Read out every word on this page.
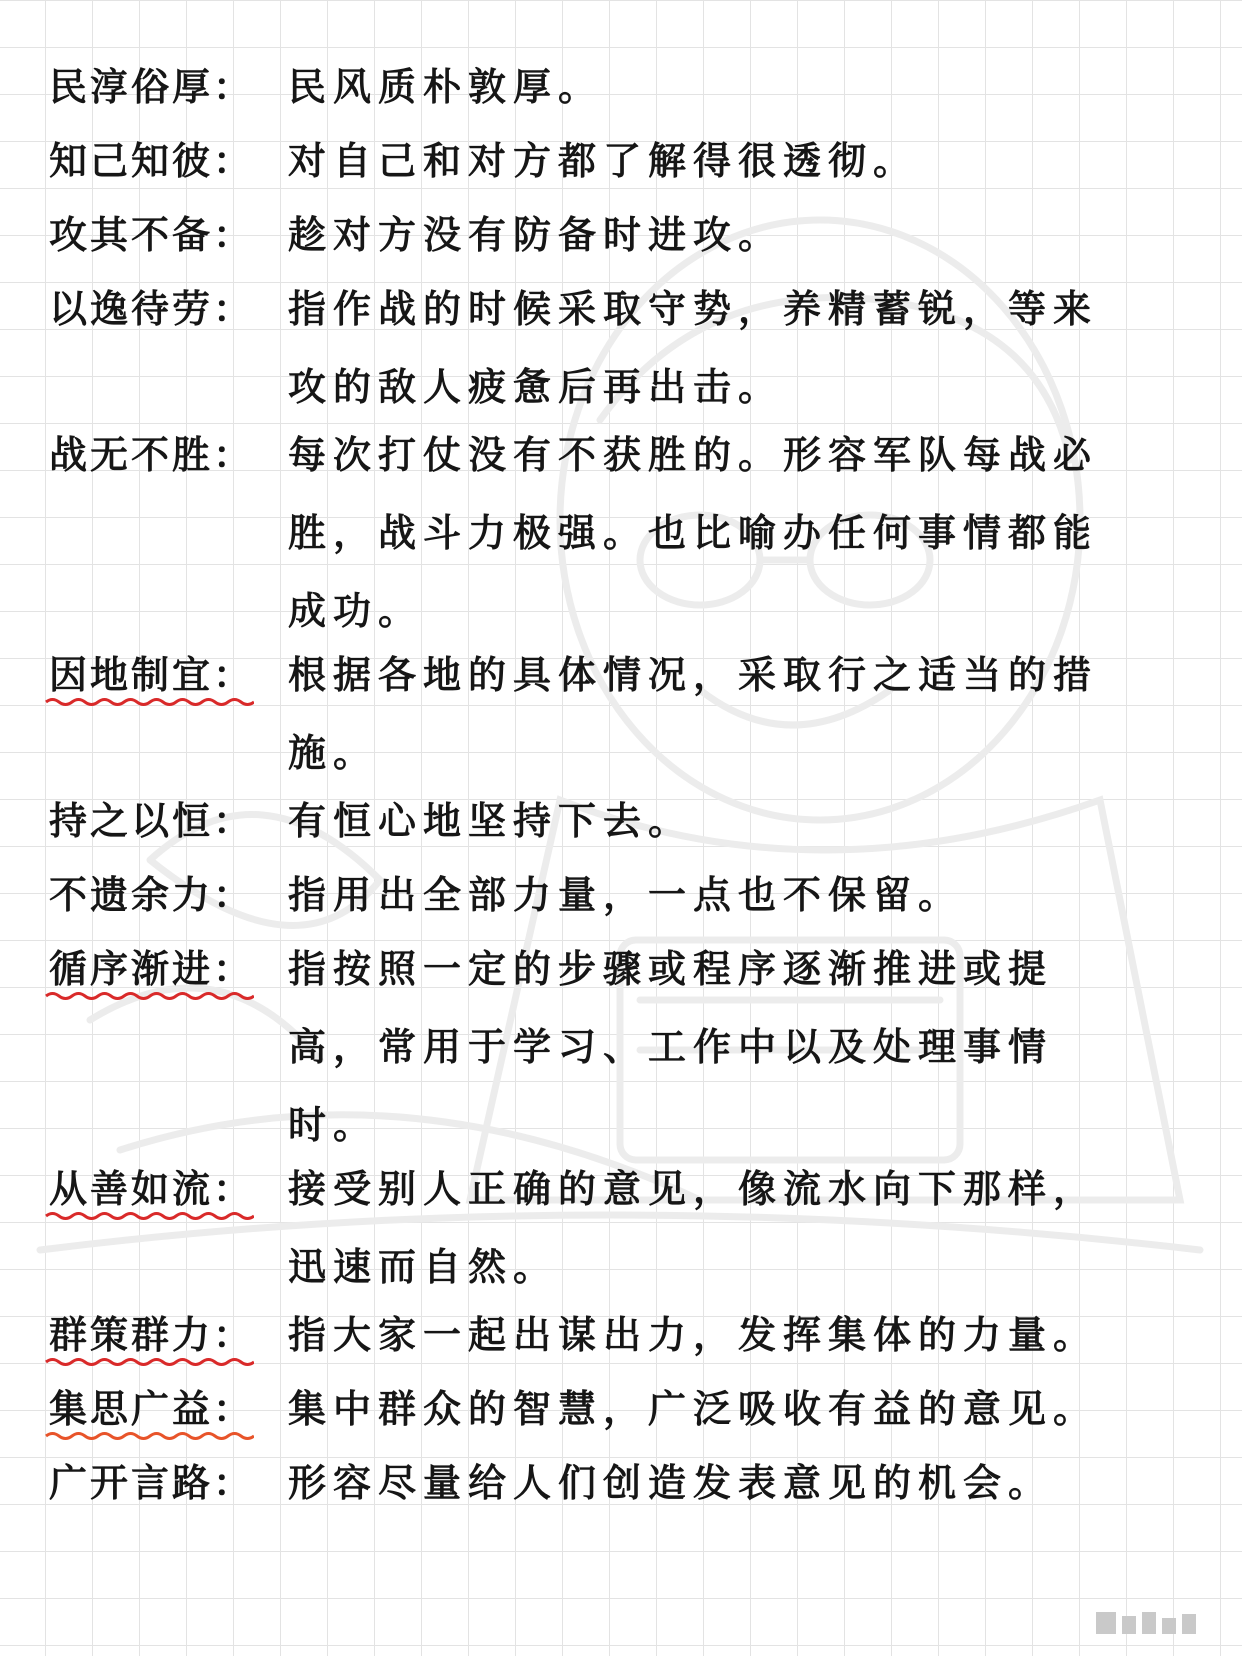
民淳俗厚： 民风质朴敦厚。
知己知彼： 对自己和对方都了解得很透彻。
攻其不备： 趁对方没有防备时进攻。
以逸待劳： 指作战的时候采取守势，养精蓄锐，等来
攻的敌人疲惫后再出击。
战无不胜： 每次打仗没有不获胜的。形容军队每战必
胜，战斗力极强。也比喻办任何事情都能
成功。
因地制宜： 根据各地的具体情况，采取行之适当的措
施。
持之以恒： 有恒心地坚持下去。
不遗余力： 指用出全部力量，一点也不保留。
循序渐进： 指按照一定的步骤或程序逐渐推进或提
高，常用于学习、工作中以及处理事情
时。
从善如流： 接受别人正确的意见，像流水向下那样，
迅速而自然。
群策群力： 指大家一起出谋出力，发挥集体的力量。
集思广益： 集中群众的智慧，广泛吸收有益的意见。
广开言路： 形容尽量给人们创造发表意见的机会。
